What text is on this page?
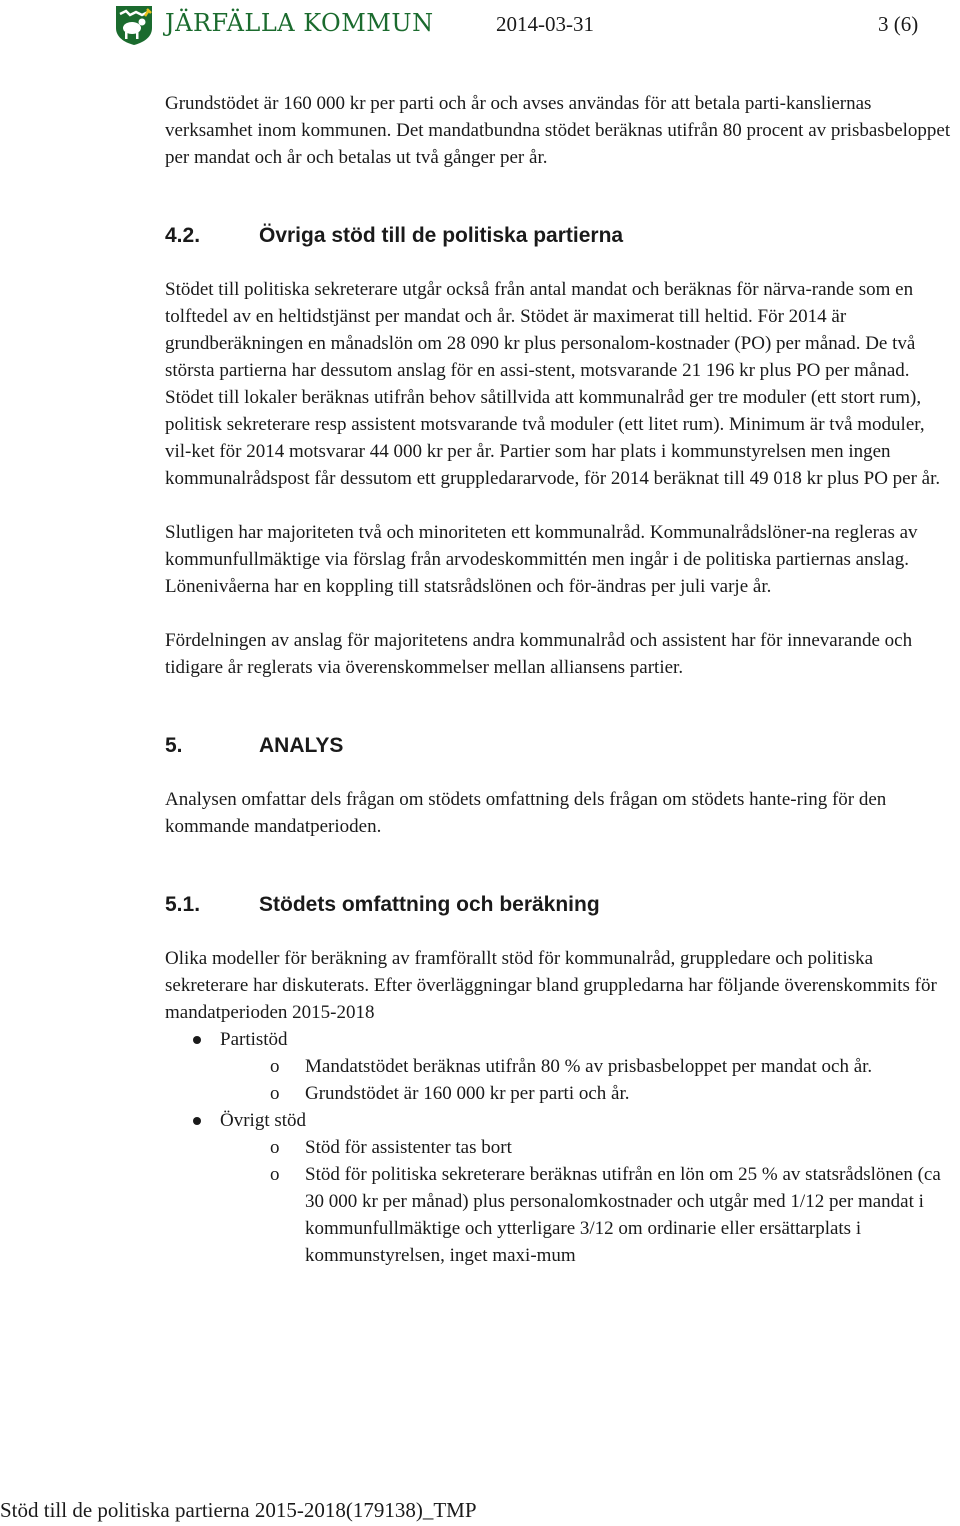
JÄRFÄLLA KOMMUN	2014-03-31	3 (6)

Grundstödet är 160 000 kr per parti och år och avses användas för att betala parti-kansliernas verksamhet inom kommunen. Det mandatbundna stödet beräknas utifrån 80 procent av prisbasbeloppet per mandat och år och betalas ut två gånger per år.

4.2.	Övriga stöd till de politiska partierna

Stödet till politiska sekreterare utgår också från antal mandat och beräknas för närva-rande som en tolftedel av en heltidstjänst per mandat och år. Stödet är maximerat till heltid. För 2014 är grundberäkningen en månadslön om 28 090 kr plus personalom-kostnader (PO) per månad. De två största partierna har dessutom anslag för en assi-stent, motsvarande 21 196 kr plus PO per månad. Stödet till lokaler beräknas utifrån behov såtillvida att kommunalråd ger tre moduler (ett stort rum), politisk sekreterare resp assistent motsvarande två moduler (ett litet rum). Minimum är två moduler, vil-ket för 2014 motsvarar 44 000 kr per år. Partier som har plats i kommunstyrelsen men ingen kommunalrådspost får dessutom ett gruppledararvode, för 2014 beräknat till 49 018 kr plus PO per år.

Slutligen har majoriteten två och minoriteten ett kommunalråd. Kommunalrådslöner-na regleras av kommunfullmäktige via förslag från arvodeskommittén men ingår i de politiska partiernas anslag. Lönenivåerna har en koppling till statsrådslönen och för-ändras per juli varje år.

Fördelningen av anslag för majoritetens andra kommunalråd och assistent har för innevarande och tidigare år reglerats via överenskommelser mellan alliansens partier.

5.	ANALYS

Analysen omfattar dels frågan om stödets omfattning dels frågan om stödets hante-ring för den kommande mandatperioden.

5.1.	Stödets omfattning och beräkning

Olika modeller för beräkning av framförallt stöd för kommunalråd, gruppledare och politiska sekreterare har diskuterats. Efter överläggningar bland gruppledarna har följande överenskommits för mandatperioden 2015-2018

Partistöd
o	Mandatstödet beräknas utifrån 80 % av prisbasbeloppet per mandat och år.
o	Grundstödet är 160 000 kr per parti och år.
Övrigt stöd
o	Stöd för assistenter tas bort
o	Stöd för politiska sekreterare beräknas utifrån en lön om 25 % av statsrådslönen (ca 30 000 kr per månad) plus personalomkostnader och utgår med 1/12 per mandat i kommunfullmäktige och ytterligare 3/12 om ordinarie eller ersättarplats i kommunstyrelsen, inget maxi-mum
Stöd till de politiska partierna 2015-2018(179138)_TMP
